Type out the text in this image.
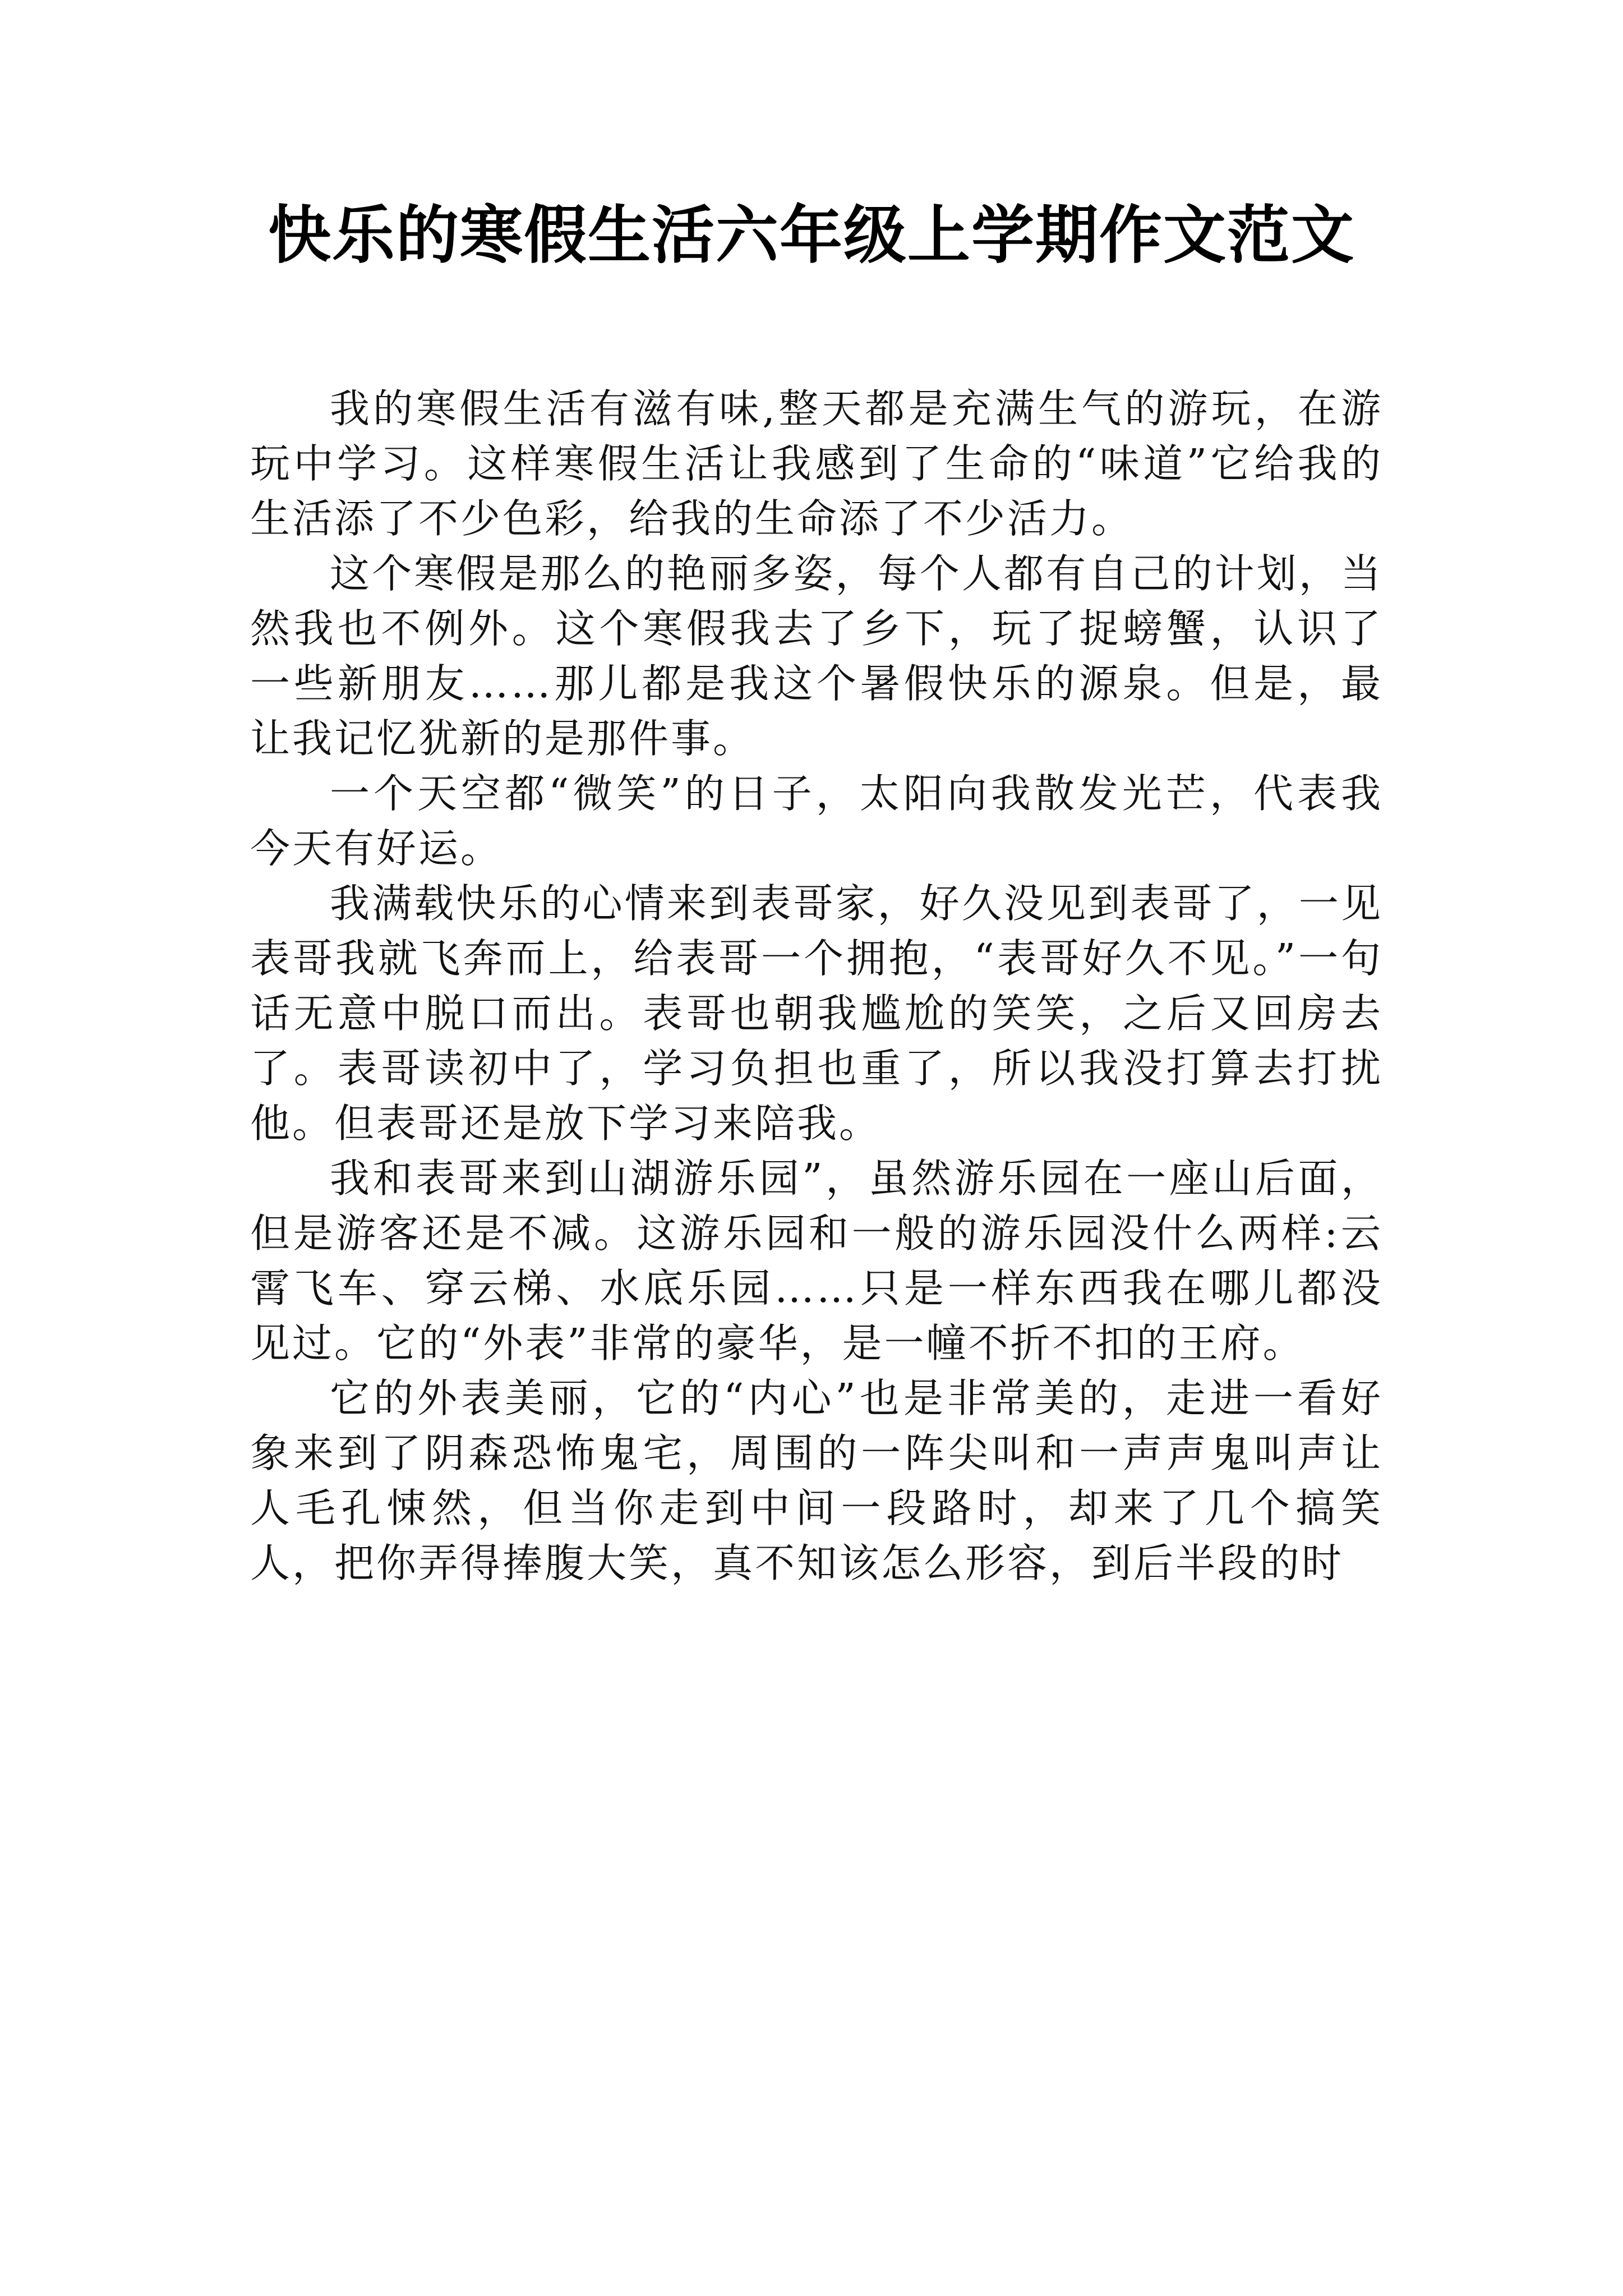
快乐的寒假生活六年级上学期作文范文

我的寒假生活有滋有味,整天都是充满生气的游玩，在游玩中学习。这样寒假生活让我感到了生命的“味道”它给我的生活添了不少色彩，给我的生命添了不少活力。

这个寒假是那么的艳丽多姿，每个人都有自己的计划，当然我也不例外。这个寒假我去了乡下，玩了捉螃蟹，认识了一些新朋友……那儿都是我这个暑假快乐的源泉。但是，最让我记忆犹新的是那件事。

一个天空都“微笑”的日子，太阳向我散发光芒，代表我今天有好运。

我满载快乐的心情来到表哥家，好久没见到表哥了，一见表哥我就飞奔而上，给表哥一个拥抱，“表哥好久不见。”一句话无意中脱口而出。表哥也朝我尴尬的笑笑，之后又回房去了。表哥读初中了，学习负担也重了，所以我没打算去打扰他。但表哥还是放下学习来陪我。

我和表哥来到山湖游乐园”，虽然游乐园在一座山后面，但是游客还是不减。这游乐园和一般的游乐园没什么两样:云霄飞车、穿云梯、水底乐园……只是一样东西我在哪儿都没见过。它的“外表”非常的豪华，是一幢不折不扣的王府。

它的外表美丽，它的“内心”也是非常美的，走进一看好象来到了阴森恐怖鬼宅，周围的一阵尖叫和一声声鬼叫声让人毛孔悚然，但当你走到中间一段路时，却来了几个搞笑人，把你弄得捧腹大笑，真不知该怎么形容，到后半段的时
